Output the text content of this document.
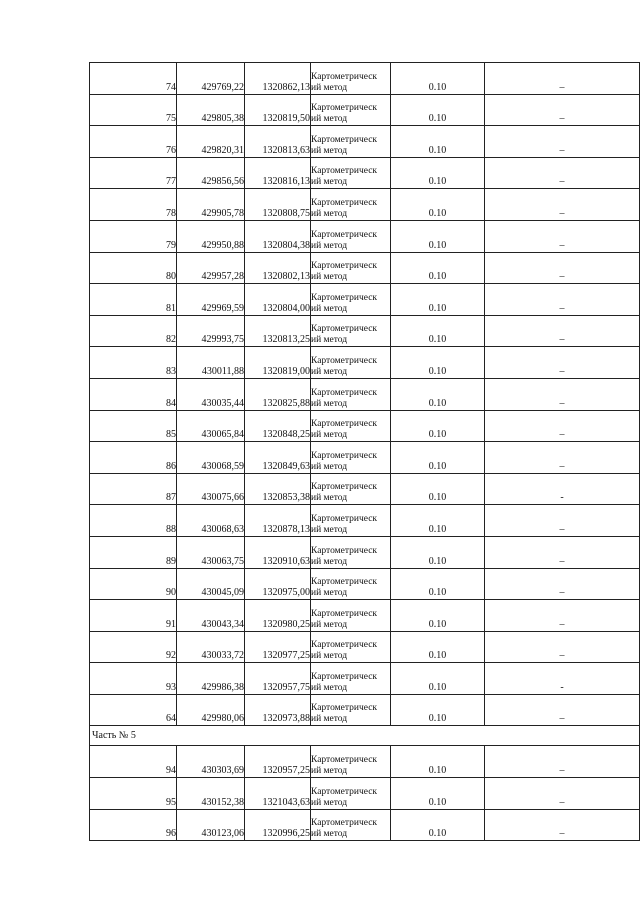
74	429769,22	1320862,13	Картометрическ
ий метод	0.10	–

75	429805,38	1320819,50	Картометрическ
ий метод	0.10	–

76	429820,31	1320813,63	Картометрическ
ий метод	0.10	–

77	429856,56	1320816,13	Картометрическ
ий метод	0.10	–

78	429905,78	1320808,75	Картометрическ
ий метод	0.10	–

79	429950,88	1320804,38	Картометрическ
ий метод	0.10	–

80	429957,28	1320802,13	Картометрическ
ий метод	0.10	–

81	429969,59	1320804,00	Картометрическ
ий метод	0.10	–

82	429993,75	1320813,25	Картометрическ
ий метод	0.10	–

83	430011,88	1320819,00	Картометрическ
ий метод	0.10	–

84	430035,44	1320825,88	Картометрическ
ий метод	0.10	–

85	430065,84	1320848,25	Картометрическ
ий метод	0.10	–

86	430068,59	1320849,63	Картометрическ
ий метод	0.10	–

87	430075,66	1320853,38	Картометрическ
ий метод	0.10	-

88	430068,63	1320878,13	Картометрическ
ий метод	0.10	–

89	430063,75	1320910,63	Картометрическ
ий метод	0.10	–

90	430045,09	1320975,00	Картометрическ
ий метод	0.10	–

91	430043,34	1320980,25	Картометрическ
ий метод	0.10	–

92	430033,72	1320977,25	Картометрическ
ий метод	0.10	–

93	429986,38	1320957,75	Картометрическ
ий метод	0.10	-

64	429980,06	1320973,88	Картометрическ
ий метод	0.10	–

Часть № 5					

94	430303,69	1320957,25	Картометрическ
ий метод	0.10	–

95	430152,38	1321043,63	Картометрическ
ий метод	0.10	–

96	430123,06	1320996,25	Картометрическ
ий метод	0.10	–
